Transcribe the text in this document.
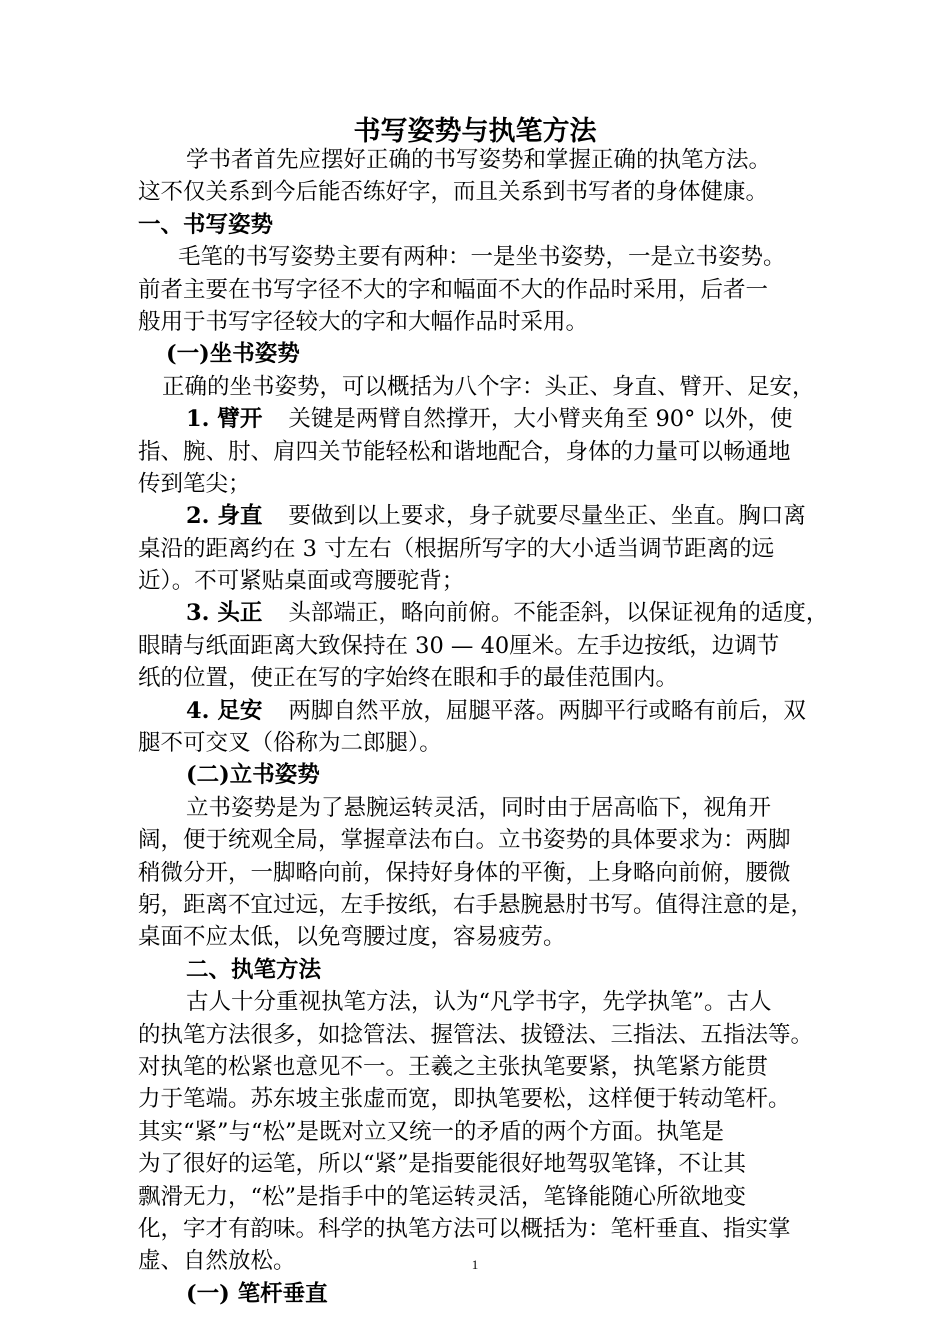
书写姿势与执笔方法
学书者首先应摆好正确的书写姿势和掌握正确的执笔方法。
这不仅关系到今后能否练好字，而且关系到书写者的身体健康。
一、书写姿势
毛笔的书写姿势主要有两种：一是坐书姿势，一是立书姿势。
前者主要在书写字径不大的字和幅面不大的作品时采用，后者一
般用于书写字径较大的字和大幅作品时采用。
(一)坐书姿势
正确的坐书姿势，可以概括为八个字：头正、身直、臂开、足安，
1. 臂开 关键是两臂自然撑开，大小臂夹角至 90° 以外，使
指、腕、肘、肩四关节能轻松和谐地配合，身体的力量可以畅通地
传到笔尖；
2. 身直 要做到以上要求，身子就要尽量坐正、坐直。胸口离
桌沿的距离约在 3 寸左右（根据所写字的大小适当调节距离的远
近）。不可紧贴桌面或弯腰驼背；
3. 头正 头部端正，略向前俯。不能歪斜，以保证视角的适度，
眼睛与纸面距离大致保持在 30 — 40厘米。左手边按纸，边调节
纸的位置，使正在写的字始终在眼和手的最佳范围内。
4. 足安 两脚自然平放，屈腿平落。两脚平行或略有前后，双
腿不可交叉（俗称为二郎腿）。
(二)立书姿势
立书姿势是为了悬腕运转灵活，同时由于居高临下，视角开
阔，便于统观全局，掌握章法布白。立书姿势的具体要求为：两脚
稍微分开，一脚略向前，保持好身体的平衡，上身略向前俯，腰微
躬，距离不宜过远，左手按纸，右手悬腕悬肘书写。值得注意的是，
桌面不应太低，以免弯腰过度，容易疲劳。
二、执笔方法
古人十分重视执笔方法，认为“凡学书字，先学执笔”。古人
的执笔方法很多，如捻管法、握管法、拔镫法、三指法、五指法等。
对执笔的松紧也意见不一。王羲之主张执笔要紧，执笔紧方能贯
力于笔端。苏东坡主张虚而宽，即执笔要松，这样便于转动笔杆。
其实“紧”与“松”是既对立又统一的矛盾的两个方面。执笔是
为了很好的运笔，所以“紧”是指要能很好地驾驭笔锋，不让其
飘滑无力，“松”是指手中的笔运转灵活，笔锋能随心所欲地变
化，字才有韵味。科学的执笔方法可以概括为：笔杆垂直、指实掌
虚、自然放松。
(一) 笔杆垂直
1
